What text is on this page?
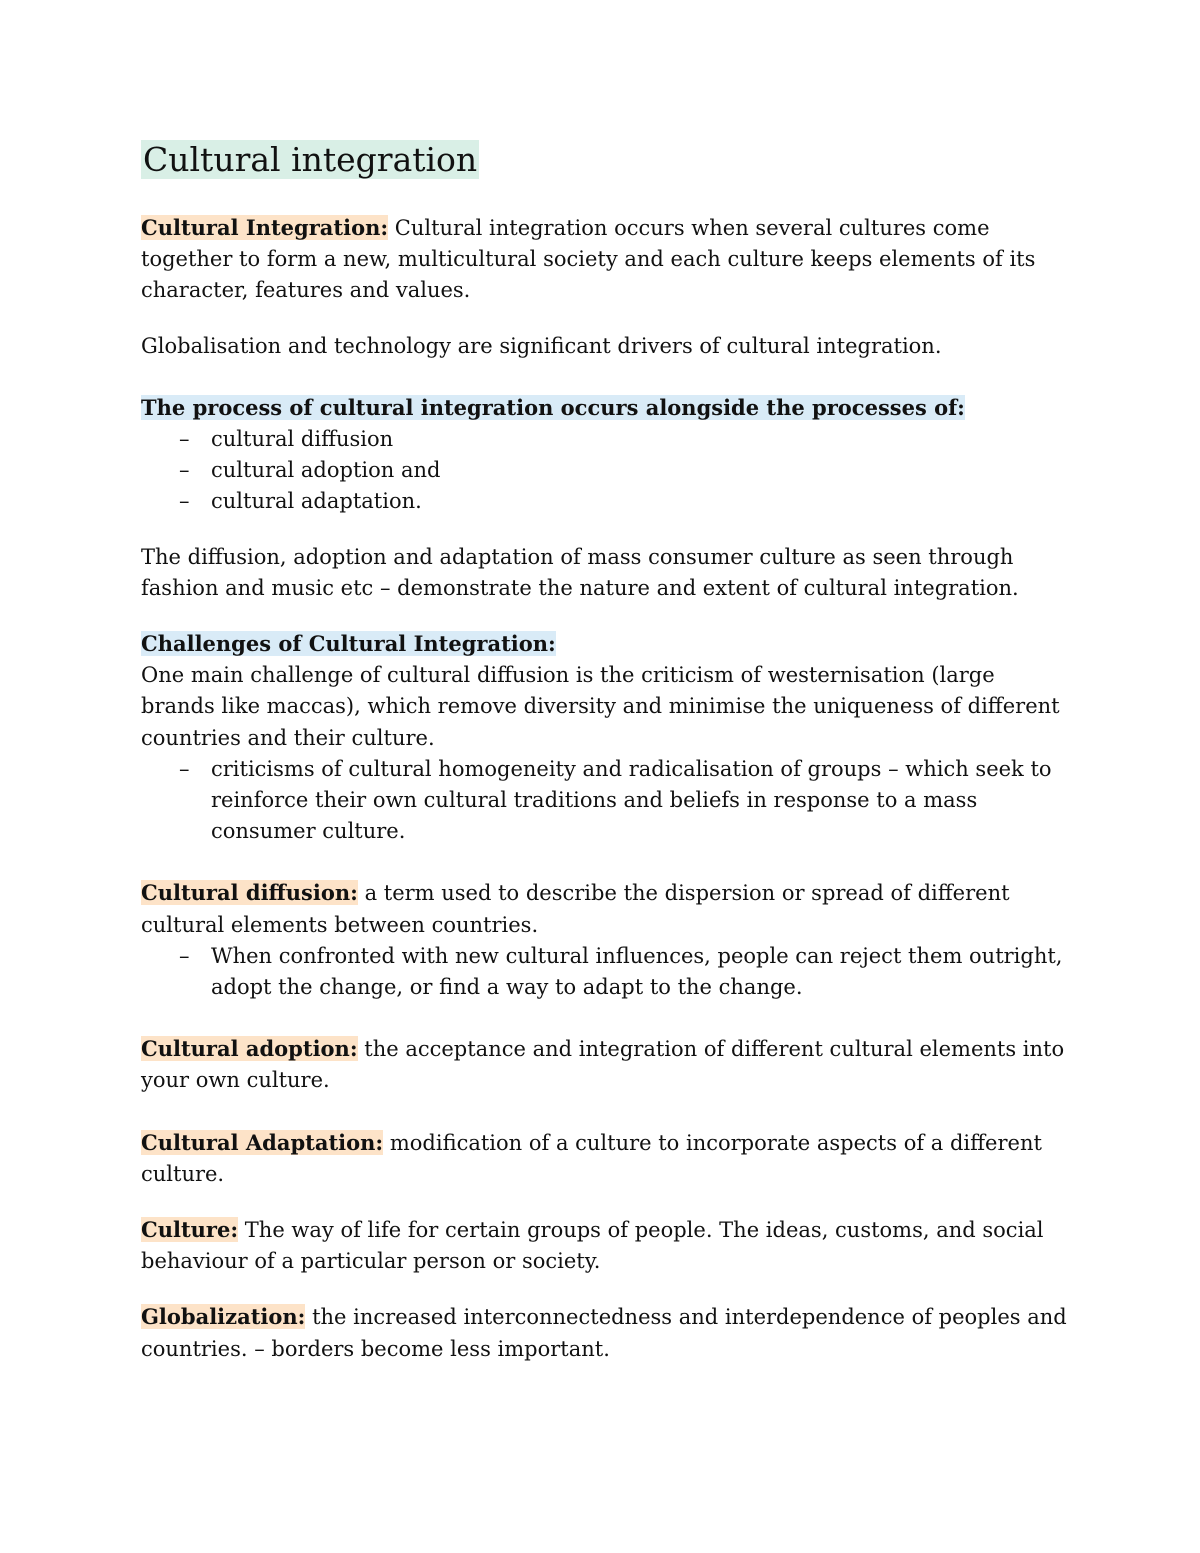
Cultural integration

Cultural Integration: Cultural integration occurs when several cultures come together to form a new, multicultural society and each culture keeps elements of its character, features and values.

Globalisation and technology are significant drivers of cultural integration.

The process of cultural integration occurs alongside the processes of:

– cultural diffusion
– cultural adoption and
– cultural adaptation.

The diffusion, adoption and adaptation of mass consumer culture as seen through fashion and music etc – demonstrate the nature and extent of cultural integration.

Challenges of Cultural Integration:

One main challenge of cultural diffusion is the criticism of westernisation (large brands like maccas), which remove diversity and minimise the uniqueness of different countries and their culture.

– criticisms of cultural homogeneity and radicalisation of groups – which seek to reinforce their own cultural traditions and beliefs in response to a mass consumer culture.

Cultural diffusion: a term used to describe the dispersion or spread of different cultural elements between countries.

– When confronted with new cultural influences, people can reject them outright, adopt the change, or find a way to adapt to the change.

Cultural adoption: the acceptance and integration of different cultural elements into your own culture.

Cultural Adaptation: modification of a culture to incorporate aspects of a different culture.

Culture: The way of life for certain groups of people. The ideas, customs, and social behaviour of a particular person or society.

Globalization: the increased interconnectedness and interdependence of peoples and countries. – borders become less important.
